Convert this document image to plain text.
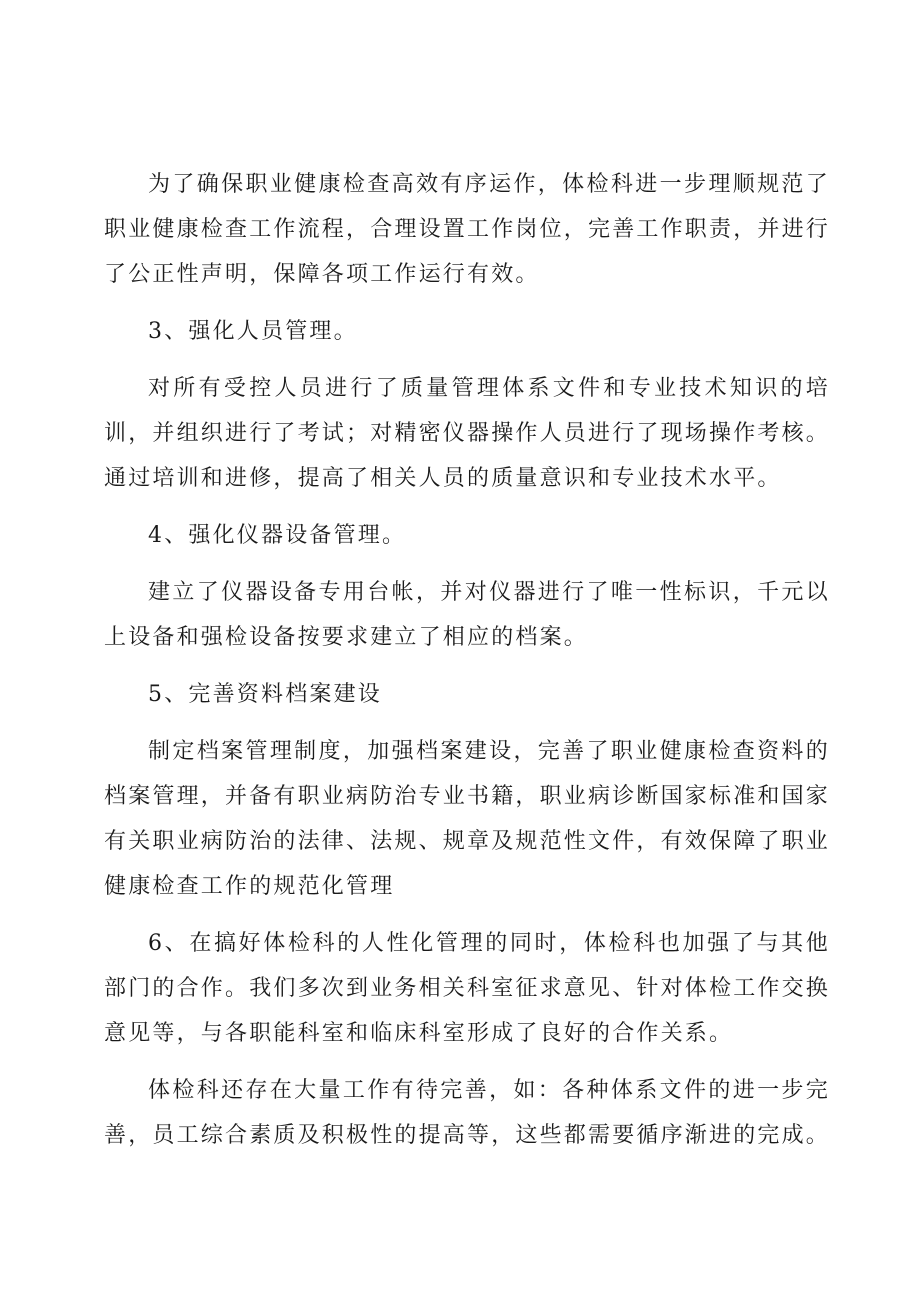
为了确保职业健康检查高效有序运作，体检科进一步理顺规范了职业健康检查工作流程，合理设置工作岗位，完善工作职责，并进行了公正性声明，保障各项工作运行有效。

3、强化人员管理。

对所有受控人员进行了质量管理体系文件和专业技术知识的培训，并组织进行了考试；对精密仪器操作人员进行了现场操作考核。通过培训和进修，提高了相关人员的质量意识和专业技术水平。

4、强化仪器设备管理。

建立了仪器设备专用台帐，并对仪器进行了唯一性标识，千元以上设备和强检设备按要求建立了相应的档案。

5、完善资料档案建设

制定档案管理制度，加强档案建设，完善了职业健康检查资料的档案管理，并备有职业病防治专业书籍，职业病诊断国家标准和国家有关职业病防治的法律、法规、规章及规范性文件，有效保障了职业健康检查工作的规范化管理

6、在搞好体检科的人性化管理的同时，体检科也加强了与其他部门的合作。我们多次到业务相关科室征求意见、针对体检工作交换意见等，与各职能科室和临床科室形成了良好的合作关系。

体检科还存在大量工作有待完善，如：各种体系文件的进一步完善，员工综合素质及积极性的提高等，这些都需要循序渐进的完成。
